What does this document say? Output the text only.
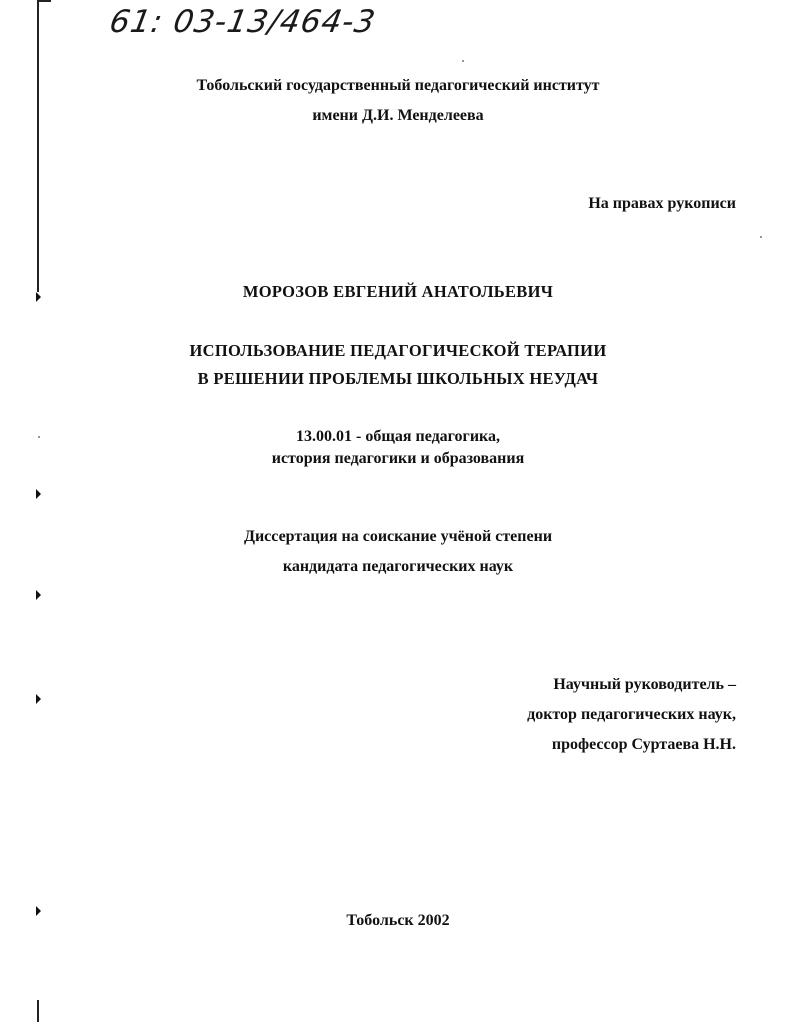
61: 03-13/464-3
Тобольский государственный педагогический институт
имени Д.И. Менделеева
На правах рукописи
МОРОЗОВ ЕВГЕНИЙ АНАТОЛЬЕВИЧ
ИСПОЛЬЗОВАНИЕ ПЕДАГОГИЧЕСКОЙ ТЕРАПИИ
В РЕШЕНИИ ПРОБЛЕМЫ ШКОЛЬНЫХ НЕУДАЧ
13.00.01 - общая педагогика,
история педагогики и образования
Диссертация на соискание учёной степени
кандидата педагогических наук
Научный руководитель –
доктор педагогических наук,
профессор Суртаева Н.Н.
Тобольск 2002
